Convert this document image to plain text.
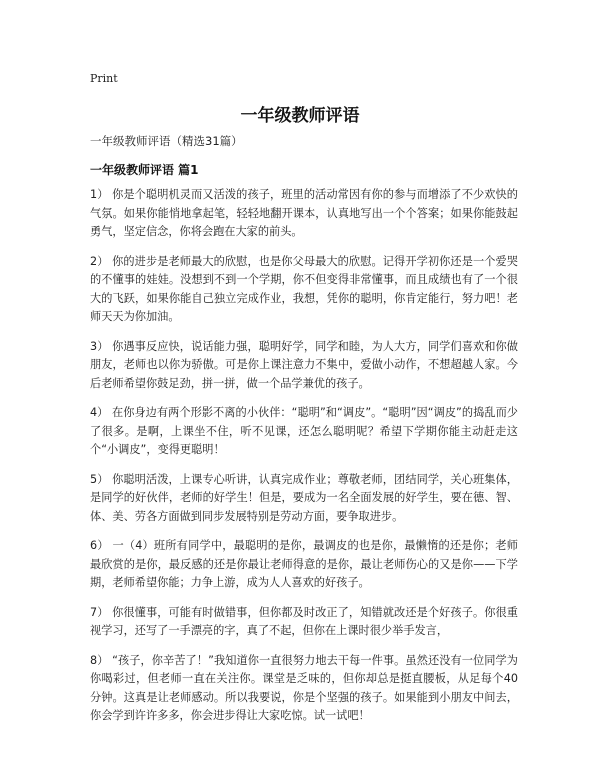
Print
一年级教师评语
一年级教师评语（精选31篇）
一年级教师评语 篇1

1） 你是个聪明机灵而又活泼的孩子，班里的活动常因有你的参与而增添了不少欢快的气氛。如果你能悄地拿起笔，轻轻地翻开课本，认真地写出一个个答案；如果你能鼓起勇气，坚定信念，你将会跑在大家的前头。

2） 你的进步是老师最大的欣慰，也是你父母最大的欣慰。记得开学初你还是一个爱哭的不懂事的娃娃。没想到不到一个学期，你不但变得非常懂事，而且成绩也有了一个很大的飞跃，如果你能自己独立完成作业，我想，凭你的聪明，你肯定能行，努力吧！老师天天为你加油。

3） 你遇事反应快，说话能力强，聪明好学，同学和睦，为人大方，同学们喜欢和你做朋友，老师也以你为骄傲。可是你上课注意力不集中，爱做小动作，不想超越人家。今后老师希望你鼓足劲，拼一拼，做一个品学兼优的孩子。

4） 在你身边有两个形影不离的小伙伴：“聪明”和“调皮”。“聪明”因“调皮”的捣乱而少了很多。是啊，上课坐不住，听不见课，还怎么聪明呢？希望下学期你能主动赶走这个“小调皮”，变得更聪明！

5） 你聪明活泼，上课专心听讲，认真完成作业；尊敬老师，团结同学，关心班集体，是同学的好伙伴，老师的好学生！但是，要成为一名全面发展的好学生，要在德、智、体、美、劳各方面做到同步发展特别是劳动方面，要争取进步。

6） 一（4）班所有同学中，最聪明的是你，最调皮的也是你，最懒惰的还是你；老师最欣赏的是你，最反感的还是你最让老师得意的是你，最让老师伤心的又是你——下学期，老师希望你能；力争上游，成为人人喜欢的好孩子。

7） 你很懂事，可能有时做错事，但你都及时改正了，知错就改还是个好孩子。你很重视学习，还写了一手漂亮的字，真了不起，但你在上课时很少举手发言，

8） “孩子，你辛苦了！”我知道你一直很努力地去干每一件事。虽然还没有一位同学为你喝彩过，但老师一直在关注你。课堂是乏味的，但你却总是挺直腰板，从足每个40分钟。这真是让老师感动。所以我要说，你是个坚强的孩子。如果能到小朋友中间去，你会学到许许多多，你会进步得让大家吃惊。试一试吧！
